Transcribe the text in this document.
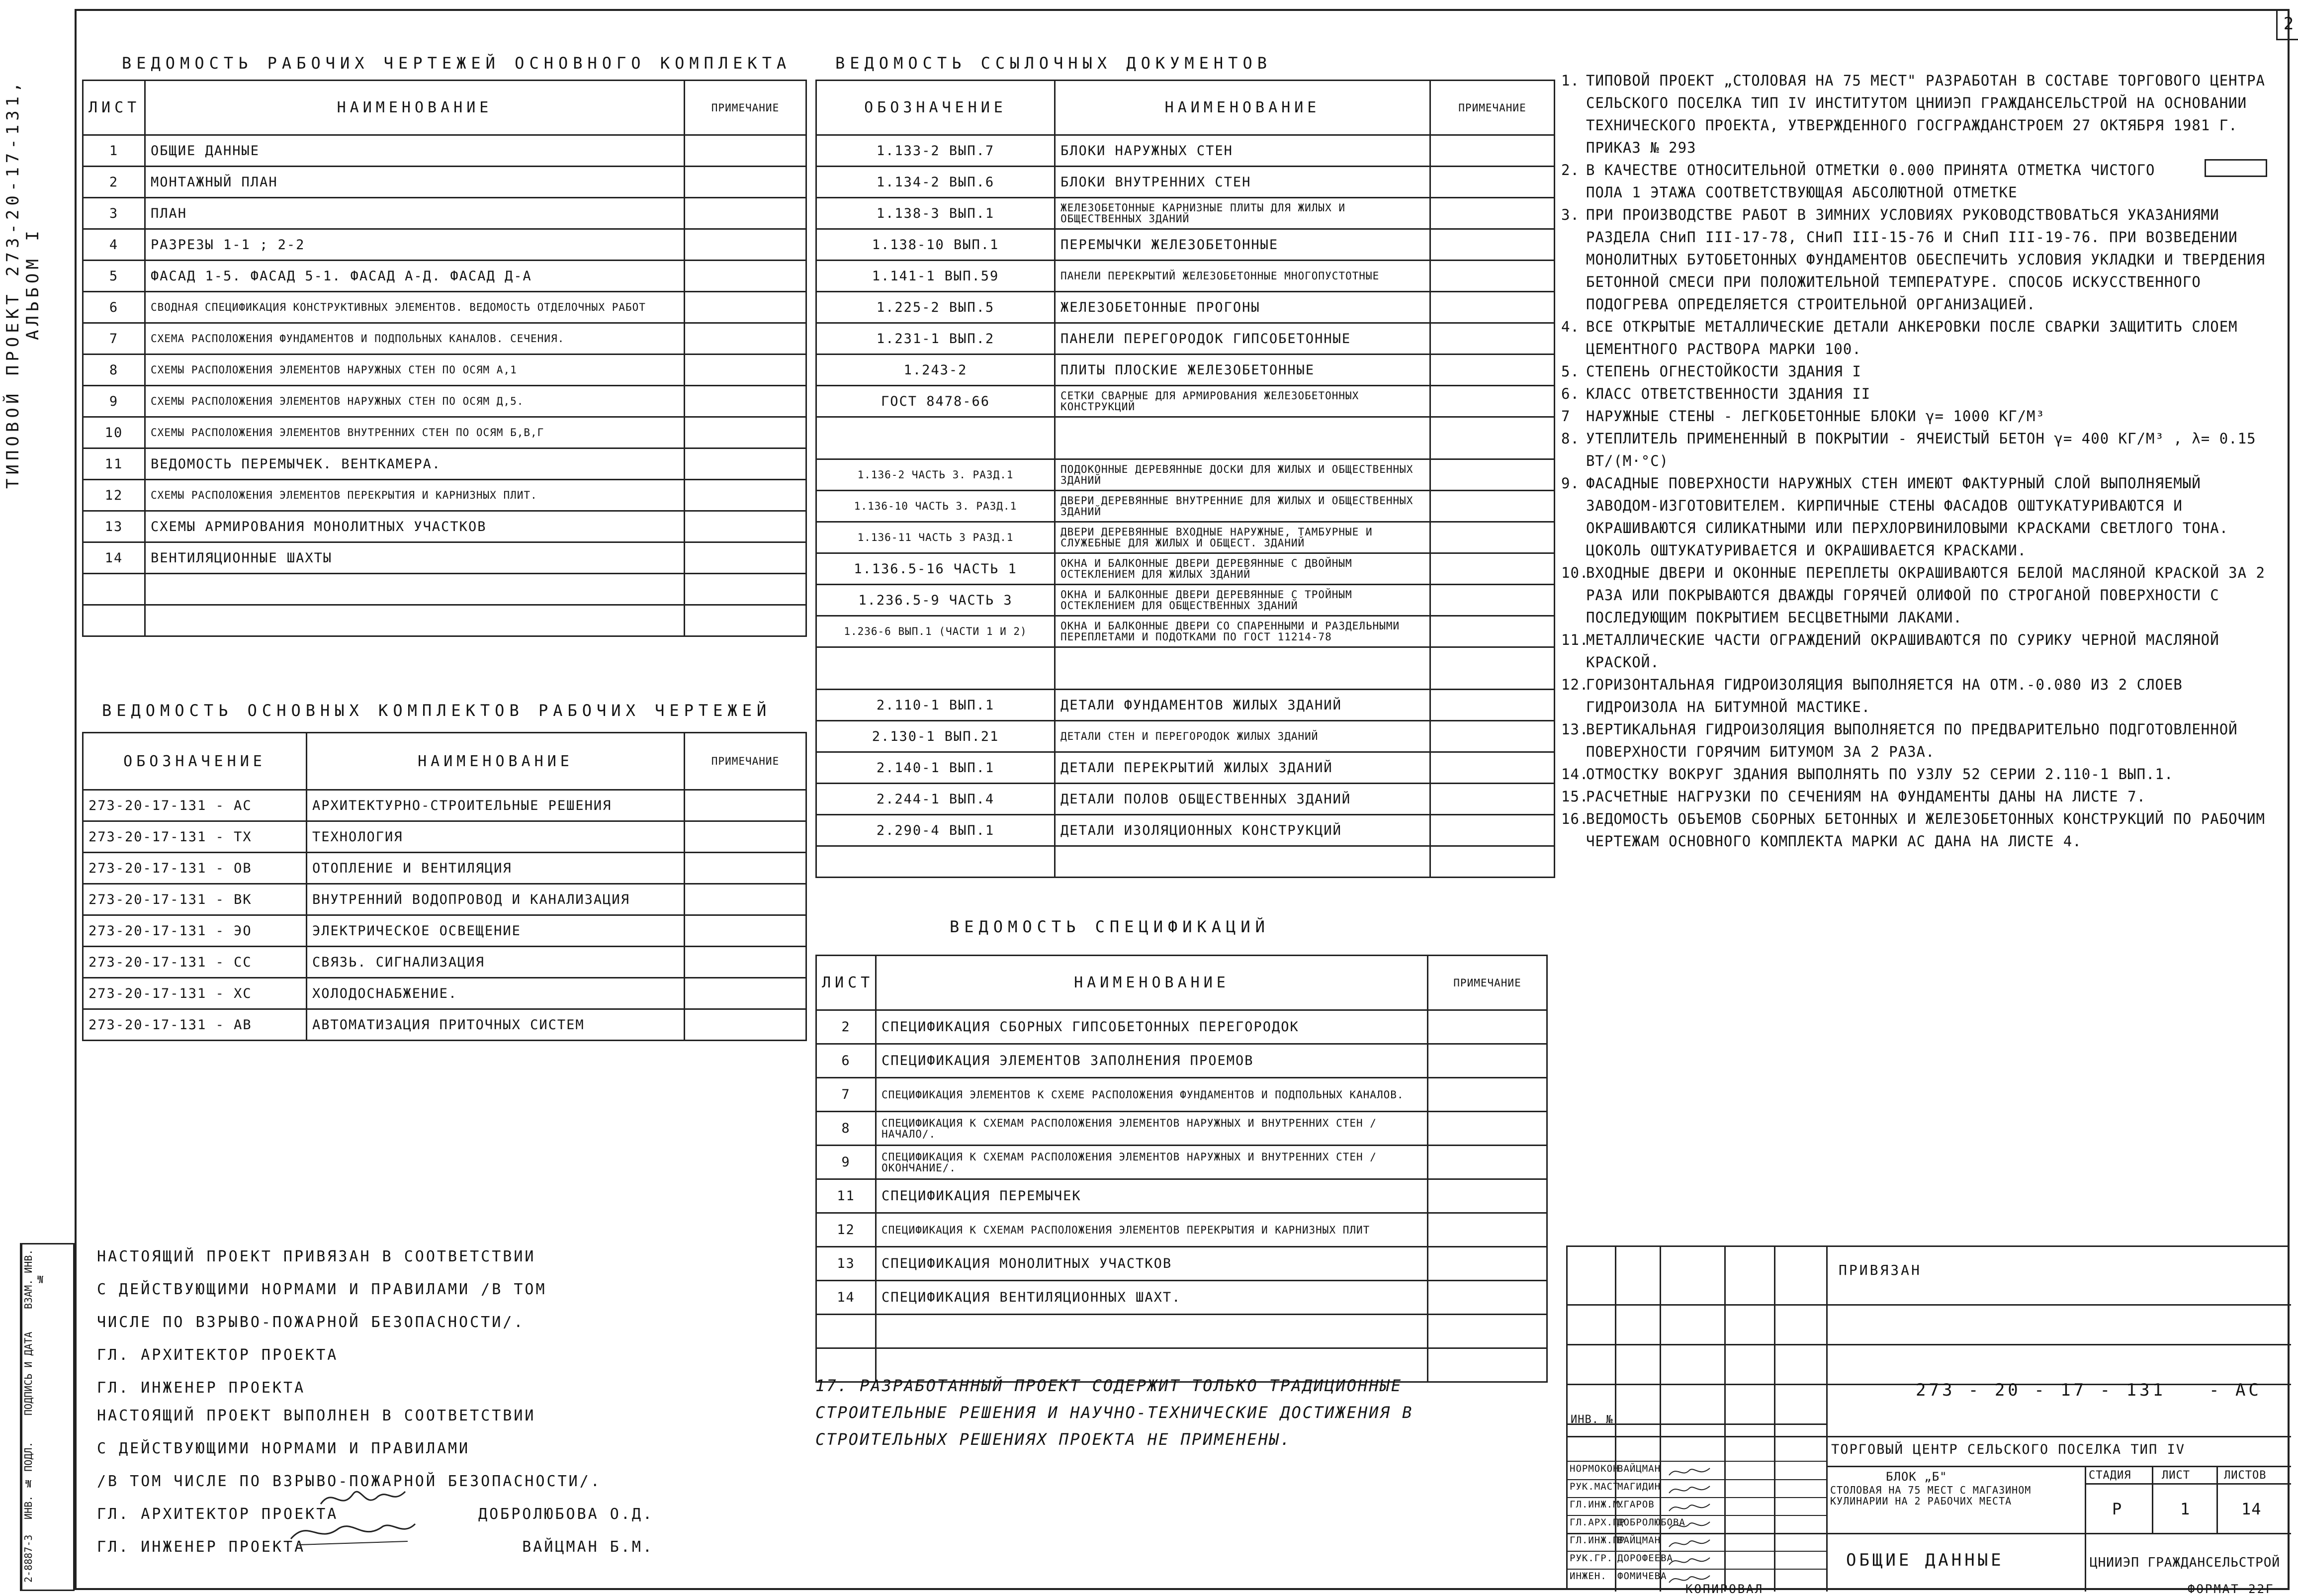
2
ТИПОВОЙ ПРОЕКТ 273-20-17-131, АЛЬБОМ I
ВЗАМ. ИНВ. №
ПОДПИСЬ И ДАТА
ИНВ. № ПОДЛ.
2-8887-3
ВЕДОМОСТЬ РАБОЧИХ ЧЕРТЕЖЕЙ ОСНОВНОГО КОМПЛЕКТА
ЛИСТ	НАИМЕНОВАНИЕ	ПРИМЕЧАНИЕ
1	ОБЩИЕ ДАННЫЕ	
2	МОНТАЖНЫЙ ПЛАН	
3	ПЛАН	
4	РАЗРЕЗЫ 1-1 ; 2-2	
5	ФАСАД 1-5. ФАСАД 5-1. ФАСАД А-Д. ФАСАД Д-А	
6	СВОДНАЯ СПЕЦИФИКАЦИЯ КОНСТРУКТИВНЫХ ЭЛЕМЕНТОВ. ВЕДОМОСТЬ ОТДЕЛОЧНЫХ РАБОТ	
7	СХЕМА РАСПОЛОЖЕНИЯ ФУНДАМЕНТОВ И ПОДПОЛЬНЫХ КАНАЛОВ. СЕЧЕНИЯ.	
8	СХЕМЫ РАСПОЛОЖЕНИЯ ЭЛЕМЕНТОВ НАРУЖНЫХ СТЕН ПО ОСЯМ А,1	
9	СХЕМЫ РАСПОЛОЖЕНИЯ ЭЛЕМЕНТОВ НАРУЖНЫХ СТЕН ПО ОСЯМ Д,5.	
10	СХЕМЫ РАСПОЛОЖЕНИЯ ЭЛЕМЕНТОВ ВНУТРЕННИХ СТЕН ПО ОСЯМ Б,В,Г	
11	ВЕДОМОСТЬ ПЕРЕМЫЧЕК. ВЕНТКАМЕРА.	
12	СХЕМЫ РАСПОЛОЖЕНИЯ ЭЛЕМЕНТОВ ПЕРЕКРЫТИЯ И КАРНИЗНЫХ ПЛИТ.	
13	СХЕМЫ АРМИРОВАНИЯ МОНОЛИТНЫХ УЧАСТКОВ	
14	ВЕНТИЛЯЦИОННЫЕ ШАХТЫ	

ВЕДОМОСТЬ ССЫЛОЧНЫХ ДОКУМЕНТОВ
ОБОЗНАЧЕНИЕ	НАИМЕНОВАНИЕ	ПРИМЕЧАНИЕ
1.133-2 ВЫП.7	БЛОКИ НАРУЖНЫХ СТЕН	
1.134-2 ВЫП.6	БЛОКИ ВНУТРЕННИХ СТЕН	
1.138-3 ВЫП.1	ЖЕЛЕЗОБЕТОННЫЕ КАРНИЗНЫЕ ПЛИТЫ ДЛЯ ЖИЛЫХ И ОБЩЕСТВЕННЫХ ЗДАНИЙ	
1.138-10 ВЫП.1	ПЕРЕМЫЧКИ ЖЕЛЕЗОБЕТОННЫЕ	
1.141-1 ВЫП.59	ПАНЕЛИ ПЕРЕКРЫТИЙ ЖЕЛЕЗОБЕТОННЫЕ МНОГОПУСТОТНЫЕ	
1.225-2 ВЫП.5	ЖЕЛЕЗОБЕТОННЫЕ ПРОГОНЫ	
1.231-1 ВЫП.2	ПАНЕЛИ ПЕРЕГОРОДОК ГИПСОБЕТОННЫЕ	
1.243-2	ПЛИТЫ ПЛОСКИЕ ЖЕЛЕЗОБЕТОННЫЕ	
ГОСТ 8478-66	СЕТКИ СВАРНЫЕ ДЛЯ АРМИРОВАНИЯ ЖЕЛЕЗОБЕТОННЫХ КОНСТРУКЦИЙ	

1.136-2 ЧАСТЬ 3. РАЗД.1	ПОДОКОННЫЕ ДЕРЕВЯННЫЕ ДОСКИ ДЛЯ ЖИЛЫХ И ОБЩЕСТВЕННЫХ ЗДАНИЙ	
1.136-10 ЧАСТЬ 3. РАЗД.1	ДВЕРИ ДЕРЕВЯННЫЕ ВНУТРЕННИЕ ДЛЯ ЖИЛЫХ И ОБЩЕСТВЕННЫХ ЗДАНИЙ	
1.136-11 ЧАСТЬ 3 РАЗД.1	ДВЕРИ ДЕРЕВЯННЫЕ ВХОДНЫЕ НАРУЖНЫЕ, ТАМБУРНЫЕ И СЛУЖЕБНЫЕ ДЛЯ ЖИЛЫХ И ОБЩЕСТ. ЗДАНИЙ	
1.136.5-16 ЧАСТЬ 1	ОКНА И БАЛКОННЫЕ ДВЕРИ ДЕРЕВЯННЫЕ С ДВОЙНЫМ ОСТЕКЛЕНИЕМ ДЛЯ ЖИЛЫХ ЗДАНИЙ	
1.236.5-9 ЧАСТЬ 3	ОКНА И БАЛКОННЫЕ ДВЕРИ ДЕРЕВЯННЫЕ С ТРОЙНЫМ ОСТЕКЛЕНИЕМ ДЛЯ ОБЩЕСТВЕННЫХ ЗДАНИЙ	
1.236-6 ВЫП.1 (ЧАСТИ 1 И 2)	ОКНА И БАЛКОННЫЕ ДВЕРИ СО СПАРЕННЫМИ И РАЗДЕЛЬНЫМИ ПЕРЕПЛЕТАМИ И ПОДОТКАМИ ПО ГОСТ 11214-78	

2.110-1 ВЫП.1	ДЕТАЛИ ФУНДАМЕНТОВ ЖИЛЫХ ЗДАНИЙ	
2.130-1 ВЫП.21	ДЕТАЛИ СТЕН И ПЕРЕГОРОДОК ЖИЛЫХ ЗДАНИЙ	
2.140-1 ВЫП.1	ДЕТАЛИ ПЕРЕКРЫТИЙ ЖИЛЫХ ЗДАНИЙ	
2.244-1 ВЫП.4	ДЕТАЛИ ПОЛОВ ОБЩЕСТВЕННЫХ ЗДАНИЙ	
2.290-4 ВЫП.1	ДЕТАЛИ ИЗОЛЯЦИОННЫХ КОНСТРУКЦИЙ	

ВЕДОМОСТЬ ОСНОВНЫХ КОМПЛЕКТОВ РАБОЧИХ ЧЕРТЕЖЕЙ
ОБОЗНАЧЕНИЕ	НАИМЕНОВАНИЕ	ПРИМЕЧАНИЕ
273-20-17-131 - АС	АРХИТЕКТУРНО-СТРОИТЕЛЬНЫЕ РЕШЕНИЯ	
273-20-17-131 - ТХ	ТЕХНОЛОГИЯ	
273-20-17-131 - ОВ	ОТОПЛЕНИЕ И ВЕНТИЛЯЦИЯ	
273-20-17-131 - ВК	ВНУТРЕННИЙ ВОДОПРОВОД И КАНАЛИЗАЦИЯ	
273-20-17-131 - ЭО	ЭЛЕКТРИЧЕСКОЕ ОСВЕЩЕНИЕ	
273-20-17-131 - СС	СВЯЗЬ. СИГНАЛИЗАЦИЯ	
273-20-17-131 - ХС	ХОЛОДОСНАБЖЕНИЕ.	
273-20-17-131 - АВ	АВТОМАТИЗАЦИЯ ПРИТОЧНЫХ СИСТЕМ	
ВЕДОМОСТЬ СПЕЦИФИКАЦИЙ
ЛИСТ	НАИМЕНОВАНИЕ	ПРИМЕЧАНИЕ
2	СПЕЦИФИКАЦИЯ СБОРНЫХ ГИПСОБЕТОННЫХ ПЕРЕГОРОДОК	
6	СПЕЦИФИКАЦИЯ ЭЛЕМЕНТОВ ЗАПОЛНЕНИЯ ПРОЕМОВ	
7	СПЕЦИФИКАЦИЯ ЭЛЕМЕНТОВ К СХЕМЕ РАСПОЛОЖЕНИЯ ФУНДАМЕНТОВ И ПОДПОЛЬНЫХ КАНАЛОВ.	
8	СПЕЦИФИКАЦИЯ К СХЕМАМ РАСПОЛОЖЕНИЯ ЭЛЕМЕНТОВ НАРУЖНЫХ И ВНУТРЕННИХ СТЕН / НАЧАЛО/.	
9	СПЕЦИФИКАЦИЯ К СХЕМАМ РАСПОЛОЖЕНИЯ ЭЛЕМЕНТОВ НАРУЖНЫХ И ВНУТРЕННИХ СТЕН / ОКОНЧАНИЕ/.	
11	СПЕЦИФИКАЦИЯ ПЕРЕМЫЧЕК	
12	СПЕЦИФИКАЦИЯ К СХЕМАМ РАСПОЛОЖЕНИЯ ЭЛЕМЕНТОВ ПЕРЕКРЫТИЯ И КАРНИЗНЫХ ПЛИТ	
13	СПЕЦИФИКАЦИЯ МОНОЛИТНЫХ УЧАСТКОВ	
14	СПЕЦИФИКАЦИЯ ВЕНТИЛЯЦИОННЫХ ШАХТ.	

1. ТИПОВОЙ ПРОЕКТ „СТОЛОВАЯ НА 75 МЕСТ" РАЗРАБОТАН В СОСТАВЕ ТОРГОВОГО ЦЕНТРА СЕЛЬСКОГО ПОСЕЛКА ТИП IV ИНСТИТУТОМ ЦНИИЭП ГРАЖДАНСЕЛЬСТРОЙ НА ОСНОВАНИИ ТЕХНИЧЕСКОГО ПРОЕКТА, УТВЕРЖДЕННОГО ГОСГРАЖДАНСТРОЕМ 27 ОКТЯБРЯ 1981 Г. ПРИКАЗ № 293
2. В КАЧЕСТВЕ ОТНОСИТЕЛЬНОЙ ОТМЕТКИ 0.000 ПРИНЯТА ОТМЕТКА ЧИСТОГО ПОЛА 1 ЭТАЖА СООТВЕТСТВУЮЩАЯ АБСОЛЮТНОЙ ОТМЕТКЕ
3. ПРИ ПРОИЗВОДСТВЕ РАБОТ В ЗИМНИХ УСЛОВИЯХ РУКОВОДСТВОВАТЬСЯ УКАЗАНИЯМИ РАЗДЕЛА СНиП III-17-78, СНиП III-15-76 И СНиП III-19-76. ПРИ ВОЗВЕДЕНИИ МОНОЛИТНЫХ БУТОБЕТОННЫХ ФУНДАМЕНТОВ ОБЕСПЕЧИТЬ УСЛОВИЯ УКЛАДКИ И ТВЕРДЕНИЯ БЕТОННОЙ СМЕСИ ПРИ ПОЛОЖИТЕЛЬНОЙ ТЕМПЕРАТУРЕ. СПОСОБ ИСКУССТВЕННОГО ПОДОГРЕВА ОПРЕДЕЛЯЕТСЯ СТРОИТЕЛЬНОЙ ОРГАНИЗАЦИЕЙ.
4. ВСЕ ОТКРЫТЫЕ МЕТАЛЛИЧЕСКИЕ ДЕТАЛИ АНКЕРОВКИ ПОСЛЕ СВАРКИ ЗАЩИТИТЬ СЛОЕМ ЦЕМЕНТНОГО РАСТВОРА МАРКИ 100.
5. СТЕПЕНЬ ОГНЕСТОЙКОСТИ ЗДАНИЯ I
6. КЛАСС ОТВЕТСТВЕННОСТИ ЗДАНИЯ II
7	НАРУЖНЫЕ СТЕНЫ - ЛЕГКОБЕТОННЫЕ БЛОКИ γ= 1000 КГ/М³
8. УТЕПЛИТЕЛЬ ПРИМЕНЕННЫЙ В ПОКРЫТИИ - ЯЧЕИСТЫЙ БЕТОН γ= 400 КГ/М³ , λ= 0.15 ВТ/(М·°С)
9. ФАСАДНЫЕ ПОВЕРХНОСТИ НАРУЖНЫХ СТЕН ИМЕЮТ ФАКТУРНЫЙ СЛОЙ ВЫПОЛНЯЕМЫЙ ЗАВОДОМ-ИЗГОТОВИТЕЛЕМ. КИРПИЧНЫЕ СТЕНЫ ФАСАДОВ ОШТУКАТУРИВАЮТСЯ И ОКРАШИВАЮТСЯ СИЛИКАТНЫМИ ИЛИ ПЕРХЛОРВИНИЛОВЫМИ КРАСКАМИ СВЕТЛОГО ТОНА. ЦОКОЛЬ ОШТУКАТУРИВАЕТСЯ И ОКРАШИВАЕТСЯ КРАСКАМИ.
10.
ВХОДНЫЕ ДВЕРИ И ОКОННЫЕ ПЕРЕПЛЕТЫ ОКРАШИВАЮТСЯ БЕЛОЙ МАСЛЯНОЙ КРАСКОЙ ЗА 2 РАЗА ИЛИ ПОКРЫВАЮТСЯ ДВАЖДЫ ГОРЯЧЕЙ ОЛИФОЙ ПО СТРОГАНОЙ ПОВЕРХНОСТИ С ПОСЛЕДУЮЩИМ ПОКРЫТИЕМ БЕСЦВЕТНЫМИ ЛАКАМИ.
11.
МЕТАЛЛИЧЕСКИЕ ЧАСТИ ОГРАЖДЕНИЙ ОКРАШИВАЮТСЯ ПО СУРИКУ ЧЕРНОЙ МАСЛЯНОЙ КРАСКОЙ.
12.
ГОРИЗОНТАЛЬНАЯ ГИДРОИЗОЛЯЦИЯ ВЫПОЛНЯЕТСЯ НА ОТМ.-0.080 ИЗ 2 СЛОЕВ ГИДРОИЗОЛА НА БИТУМНОЙ МАСТИКЕ.
13.
ВЕРТИКАЛЬНАЯ ГИДРОИЗОЛЯЦИЯ ВЫПОЛНЯЕТСЯ ПО ПРЕДВАРИТЕЛЬНО ПОДГОТОВЛЕННОЙ ПОВЕРХНОСТИ ГОРЯЧИМ БИТУМОМ ЗА 2 РАЗА.
14.
ОТМОСТКУ ВОКРУГ ЗДАНИЯ ВЫПОЛНЯТЬ ПО УЗЛУ 52 СЕРИИ 2.110-1 ВЫП.1.
15.
РАСЧЕТНЫЕ НАГРУЗКИ ПО СЕЧЕНИЯМ НА ФУНДАМЕНТЫ ДАНЫ НА ЛИСТЕ 7.
16.
ВЕДОМОСТЬ ОБЪЕМОВ СБОРНЫХ БЕТОННЫХ И ЖЕЛЕЗОБЕТОННЫХ КОНСТРУКЦИЙ ПО РАБОЧИМ ЧЕРТЕЖАМ ОСНОВНОГО КОМПЛЕКТА МАРКИ АС ДАНА НА ЛИСТЕ 4.
17. РАЗРАБОТАННЫЙ ПРОЕКТ СОДЕРЖИТ ТОЛЬКО ТРАДИЦИОННЫЕ СТРОИТЕЛЬНЫЕ РЕШЕНИЯ И НАУЧНО-ТЕХНИЧЕСКИЕ ДОСТИЖЕНИЯ В СТРОИТЕЛЬНЫХ РЕШЕНИЯХ ПРОЕКТА НЕ ПРИМЕНЕНЫ.
НАСТОЯЩИЙ ПРОЕКТ ПРИВЯЗАН В СООТВЕТСТВИИ
С ДЕЙСТВУЮЩИМИ НОРМАМИ И ПРАВИЛАМИ /В ТОМ
ЧИСЛЕ ПО ВЗРЫВО-ПОЖАРНОЙ БЕЗОПАСНОСТИ/.
ГЛ. АРХИТЕКТОР ПРОЕКТА
ГЛ. ИНЖЕНЕР ПРОЕКТА
НАСТОЯЩИЙ ПРОЕКТ ВЫПОЛНЕН В СООТВЕТСТВИИ
С ДЕЙСТВУЮЩИМИ НОРМАМИ И ПРАВИЛАМИ
/В ТОМ ЧИСЛЕ ПО ВЗРЫВО-ПОЖАРНОЙ БЕЗОПАСНОСТИ/.
ГЛ. АРХИТЕКТОР ПРОЕКТА	ДОБРОЛЮБОВА О.Д.
ГЛ. ИНЖЕНЕР ПРОЕКТА	ВАЙЦМАН Б.М.
ПРИВЯЗАН
ИНВ. №
273 - 20 - 17 - 131	- АС
ТОРГОВЫЙ ЦЕНТР СЕЛЬСКОГО ПОСЕЛКА ТИП IV
БЛОК „Б"
СТОЛОВАЯ НА 75 МЕСТ С МАГАЗИНОМ КУЛИНАРИИ НА 2 РАБОЧИХ МЕСТА
СТАДИЯ	ЛИСТ	ЛИСТОВ
Р	1	14
ОБЩИЕ ДАННЫЕ	ЦНИИЭП ГРАЖДАНСЕЛЬСТРОЙ
НОРМОКОН
ВАЙЦМАН
РУК.МАСТ
МАГИДИН
ГЛ.ИНЖ.М.
УГАРОВ
ГЛ.АРХ.ПР
ДОБРОЛЮБОВА
ГЛ.ИНЖ.ПР
ВАЙЦМАН
РУК.ГР. ДОРОФЕЕВА
ИНЖЕН. ФОМИЧЕВА
КОПИРОВАЛ	ФОРМАТ 22Г
